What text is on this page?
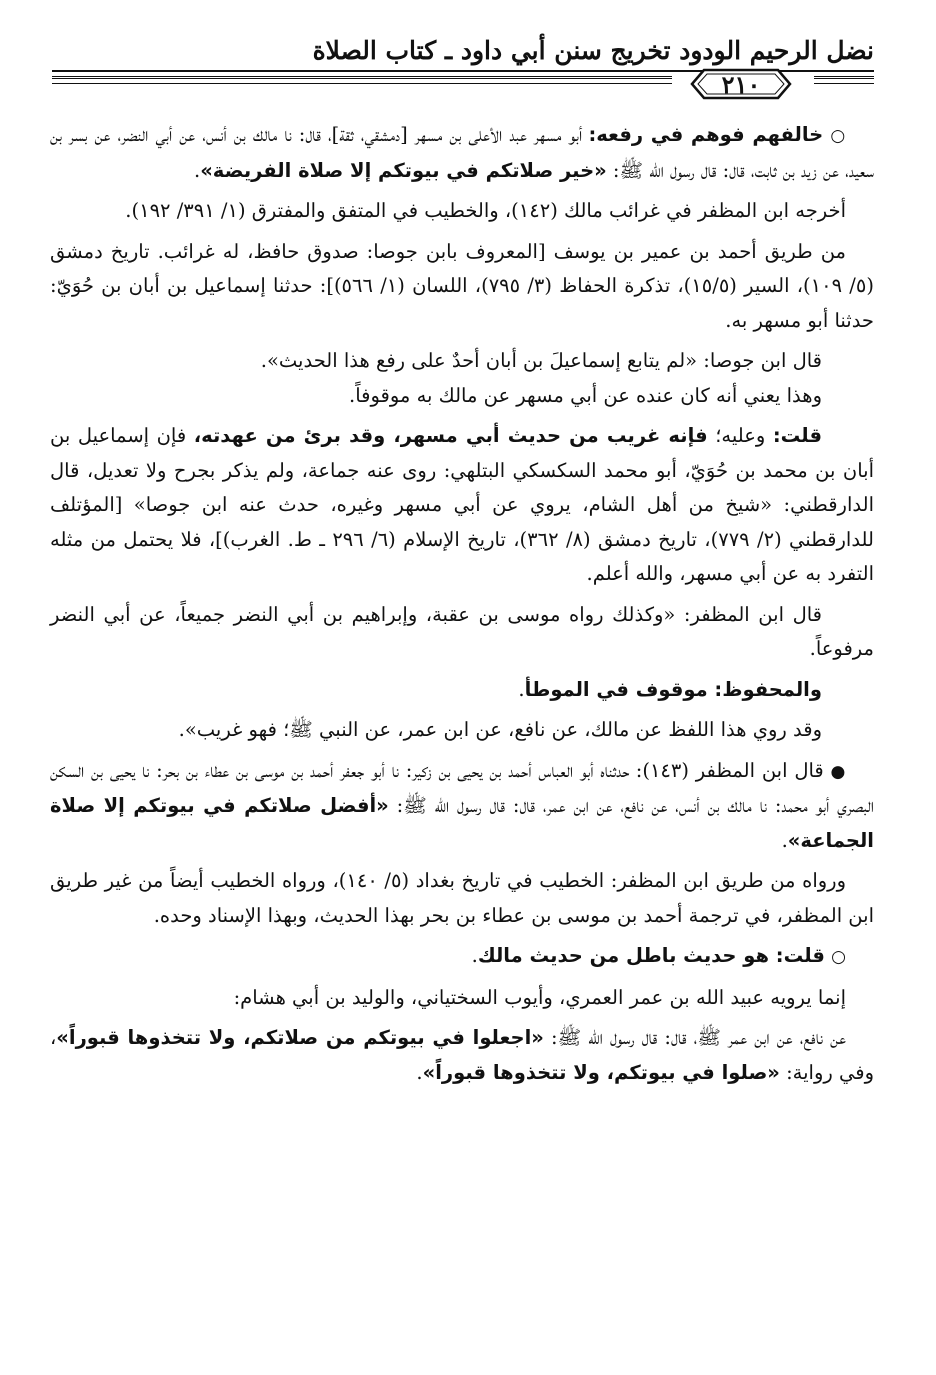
نضل الرحيم الودود تخريج سنن أبي داود ـ كتاب الصلاة
٢١٠

○ خالفهم فوهم في رفعه: أبو مسهر عبد الأعلى بن مسهر [دمشقي، ثقة]، قال: نا مالك بن أنس، عن أبي النضر، عن بسر بن سعيد، عن زيد بن ثابت، قال: قال رسول الله ﷺ: «خير صلاتكم في بيوتكم إلا صلاة الفريضة».

أخرجه ابن المظفر في غرائب مالك (١٤٢)، والخطيب في المتفق والمفترق (١/ ٣٩١/ ١٩٢).

من طريق أحمد بن عمير بن يوسف [المعروف بابن جوصا: صدوق حافظ، له غرائب. تاريخ دمشق (٥/ ١٠٩)، السير (١٥/٥)، تذكرة الحفاظ (٣/ ٧٩٥)، اللسان (١/ ٥٦٦)]: حدثنا إسماعيل بن أبان بن حُوَيّ: حدثنا أبو مسهر به.

قال ابن جوصا: «لم يتابع إسماعيلَ بن أبان أحدٌ على رفع هذا الحديث».

وهذا يعني أنه كان عنده عن أبي مسهر عن مالك به موقوفاً.

قلت: وعليه؛ فإنه غريب من حديث أبي مسهر، وقد برئ من عهدته، فإن إسماعيل بن أبان بن محمد بن حُوَيّ، أبو محمد السكسكي البتلهي: روى عنه جماعة، ولم يذكر بجرح ولا تعديل، قال الدارقطني: «شيخ من أهل الشام، يروي عن أبي مسهر وغيره، حدث عنه ابن جوصا» [المؤتلف للدارقطني (٢/ ٧٧٩)، تاريخ دمشق (٨/ ٣٦٢)، تاريخ الإسلام (٦/ ٢٩٦ ـ ط. الغرب)]، فلا يحتمل من مثله التفرد به عن أبي مسهر، والله أعلم.

قال ابن المظفر: «وكذلك رواه موسى بن عقبة، وإبراهيم بن أبي النضر جميعاً، عن أبي النضر مرفوعاً.

والمحفوظ: موقوف في الموطأ.

وقد روي هذا اللفظ عن مالك، عن نافع، عن ابن عمر، عن النبي ﷺ؛ فهو غريب».

● قال ابن المظفر (١٤٣): حدثناه أبو العباس أحمد بن يحيى بن زكير: نا أبو جعفر أحمد بن موسى بن عطاء بن بحر: نا يحيى بن السكن البصري أبو محمد: نا مالك بن أنس، عن نافع، عن ابن عمر، قال: قال رسول الله ﷺ: «أفضل صلاتكم في بيوتكم إلا صلاة الجماعة».

ورواه من طريق ابن المظفر: الخطيب في تاريخ بغداد (٥/ ١٤٠)، ورواه الخطيب أيضاً من غير طريق ابن المظفر، في ترجمة أحمد بن موسى بن عطاء بن بحر بهذا الحديث، وبهذا الإسناد وحده.

○ قلت: هو حديث باطل من حديث مالك.

إنما يرويه عبيد الله بن عمر العمري، وأيوب السختياني، والوليد بن أبي هشام:

عن نافع، عن ابن عمر ﷺ، قال: قال رسول الله ﷺ: «اجعلوا في بيوتكم من صلاتكم، ولا تتخذوها قبوراً»، وفي رواية: «صلوا في بيوتكم، ولا تتخذوها قبوراً».
